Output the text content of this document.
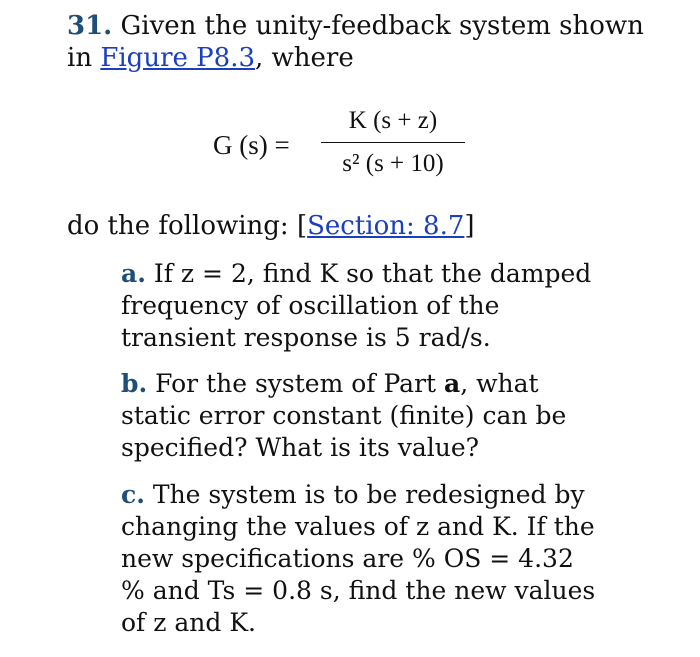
31. Given the unity-feedback system shown in Figure P8.3, where
G (s) =
K (s + z)
s² (s + 10)
do the following: [Section: 8.7]
a. If z = 2, find K so that the damped frequency of oscillation of the transient response is 5 rad/s.
b. For the system of Part a, what static error constant (finite) can be specified? What is its value?
c. The system is to be redesigned by changing the values of z and K. If the new specifications are % OS = 4.32 % and Ts = 0.8 s, find the new values of z and K.
